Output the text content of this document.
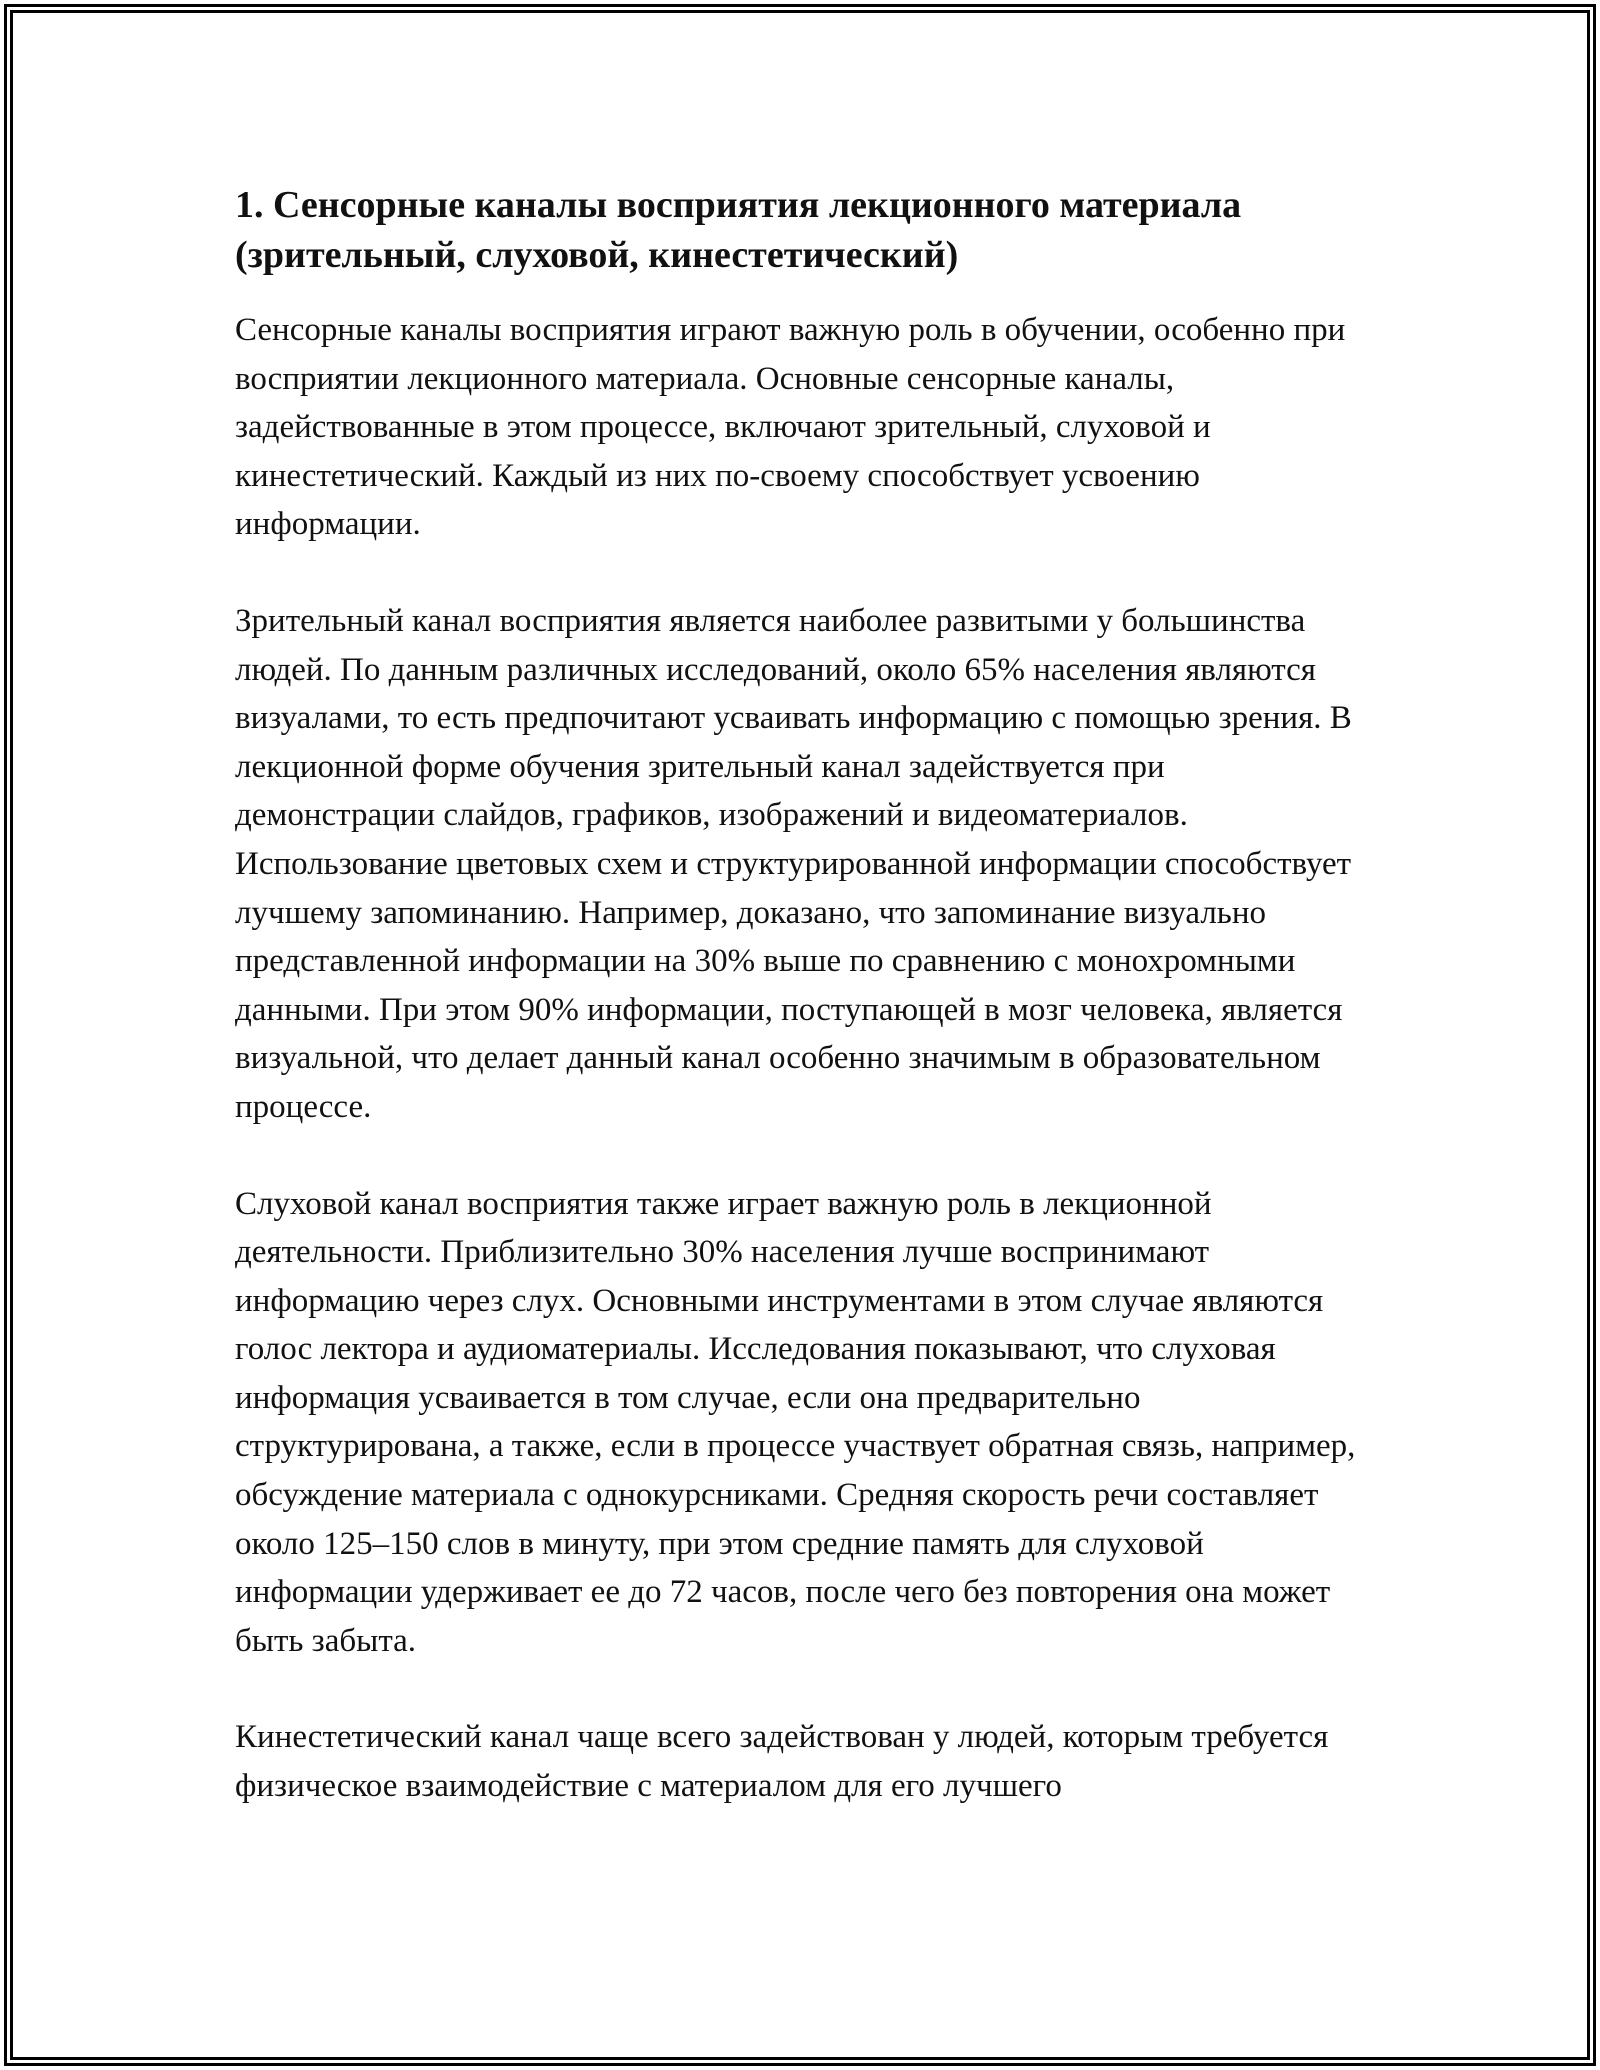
1. Сенсорные каналы восприятия лекционного материала (зрительный, слуховой, кинестетический)

Сенсорные каналы восприятия играют важную роль в обучении, особенно при восприятии лекционного материала. Основные сенсорные каналы, задействованные в этом процессе, включают зрительный, слуховой и кинестетический. Каждый из них по-своему способствует усвоению информации.

Зрительный канал восприятия является наиболее развитыми у большинства людей. По данным различных исследований, около 65% населения являются визуалами, то есть предпочитают усваивать информацию с помощью зрения. В лекционной форме обучения зрительный канал задействуется при демонстрации слайдов, графиков, изображений и видеоматериалов. Использование цветовых схем и структурированной информации способствует лучшему запоминанию. Например, доказано, что запоминание визуально представленной информации на 30% выше по сравнению с монохромными данными. При этом 90% информации, поступающей в мозг человека, является визуальной, что делает данный канал особенно значимым в образовательном процессе.

Слуховой канал восприятия также играет важную роль в лекционной деятельности. Приблизительно 30% населения лучше воспринимают информацию через слух. Основными инструментами в этом случае являются голос лектора и аудиоматериалы. Исследования показывают, что слуховая информация усваивается в том случае, если она предварительно структурирована, а также, если в процессе участвует обратная связь, например, обсуждение материала с однокурсниками. Средняя скорость речи составляет около 125–150 слов в минуту, при этом средние память для слуховой информации удерживает ее до 72 часов, после чего без повторения она может быть забыта.

Кинестетический канал чаще всего задействован у людей, которым требуется физическое взаимодействие с материалом для его лучшего
